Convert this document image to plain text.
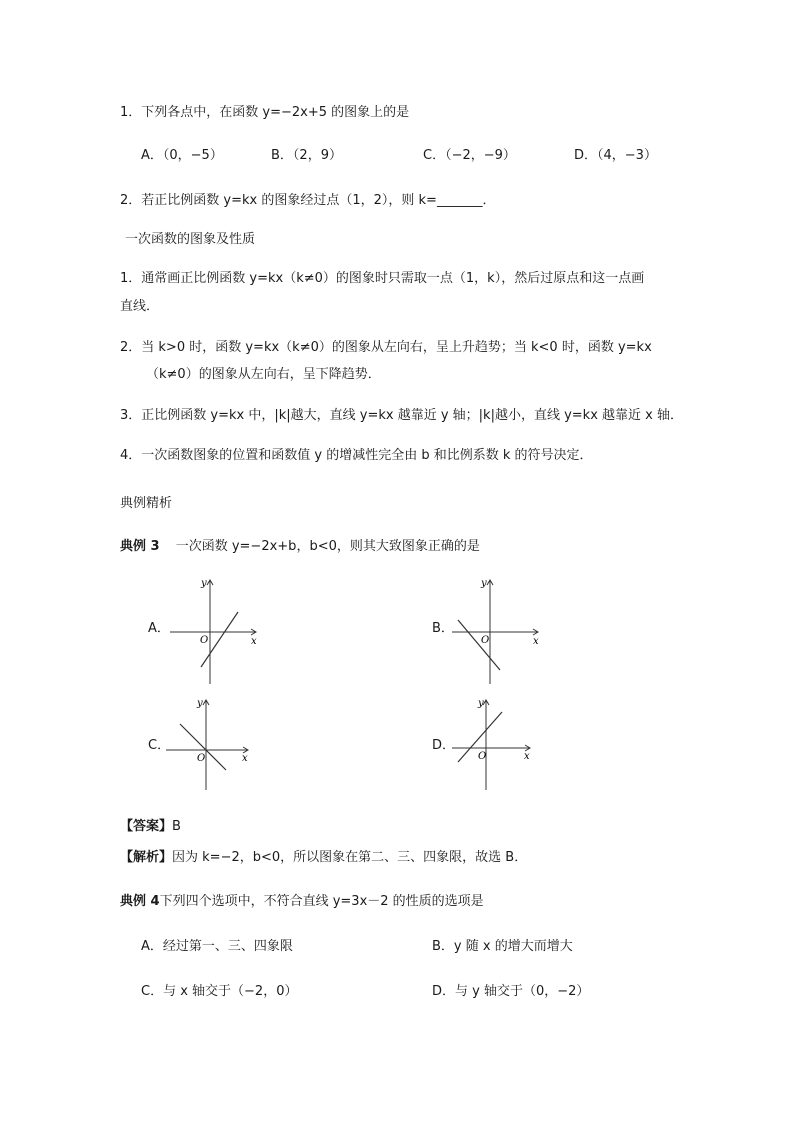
1．下列各点中，在函数 y=−2x+5 的图象上的是
A．（0，−5）	B．（2，9）	C．（−2，−9）	D．（4，−3）
2．若正比例函数 y=kx 的图象经过点（1，2），则 k=_______．
一次函数的图象及性质
1．通常画正比例函数 y=kx（k≠0）的图象时只需取一点（1，k），然后过原点和这一点画
直线．
2．当 k>0 时，函数 y=kx（k≠0）的图象从左向右，呈上升趋势；当 k<0 时，函数 y=kx
（k≠0）的图象从左向右，呈下降趋势．
3．正比例函数 y=kx 中，|k|越大，直线 y=kx 越靠近 y 轴；|k|越小，直线 y=kx 越靠近 x 轴．
4．一次函数图象的位置和函数值 y 的增减性完全由 b 和比例系数 k 的符号决定．
典例精析
典例 3 一次函数 y=−2x+b，b<0，则其大致图象正确的是
A．
x
y
O
B．
x
y
O
C．
x
y
O
D．
x
y
O
【答案】B
【解析】因为 k=−2，b<0，所以图象在第二、三、四象限，故选 B．
典例 4下列四个选项中，不符合直线 y=3x－2 的性质的选项是
A．经过第一、三、四象限	B．y 随 x 的增大而增大
C．与 x 轴交于（−2，0）	D．与 y 轴交于（0，−2）
